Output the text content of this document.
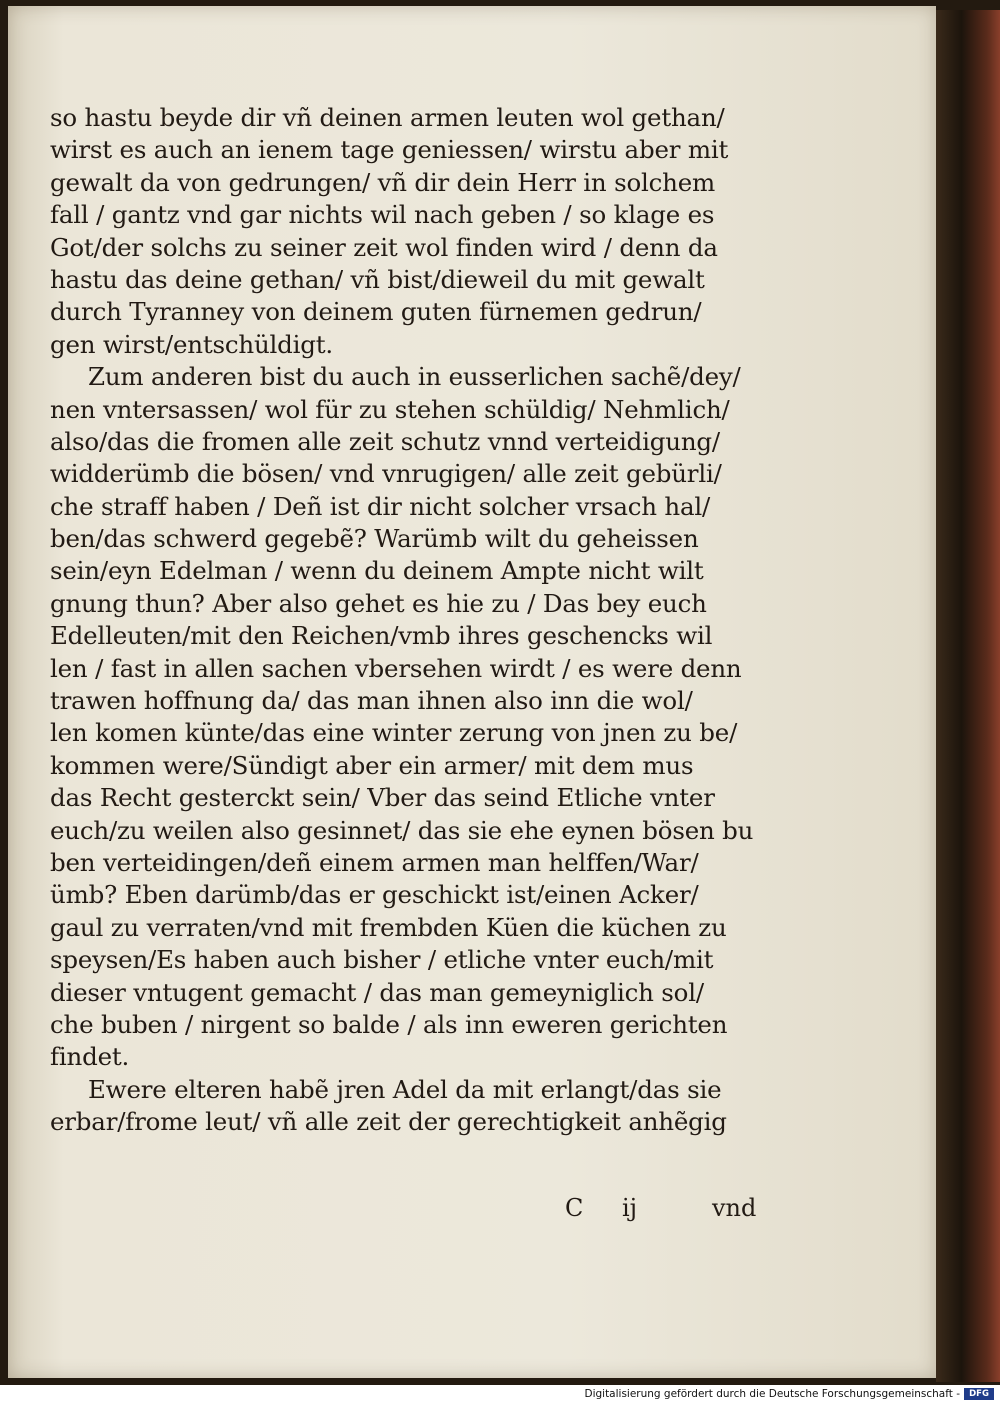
so hastu beyde dir vñ deinen armen leuten wol gethan/
wirst es auch an ienem tage geniessen/ wirstu aber mit
gewalt da von gedrungen/ vñ dir dein Herr in solchem
fall / gantz vnd gar nichts wil nach geben / so klage es
Got/der solchs zu seiner zeit wol finden wird / denn da
hastu das deine gethan/ vñ bist/dieweil du mit gewalt
durch Tyranney von deinem guten fürnemen gedrun/
gen wirst/entschüldigt.
Zum anderen bist du auch in eusserlichen sachẽ/dey/
nen vntersassen/ wol für zu stehen schüldig/ Nehmlich/
also/das die fromen alle zeit schutz vnnd verteidigung/
widderümb die bösen/ vnd vnrugigen/ alle zeit gebürli/
che straff haben / Deñ ist dir nicht solcher vrsach hal/
ben/das schwerd gegebẽ? Warümb wilt du geheissen
sein/eyn Edelman / wenn du deinem Ampte nicht wilt
gnung thun? Aber also gehet es hie zu / Das bey euch
Edelleuten/mit den Reichen/vmb ihres geschencks wil
len / fast in allen sachen vbersehen wirdt / es were denn
trawen hoffnung da/ das man ihnen also inn die wol/
len komen künte/das eine winter zerung von jnen zu be/
kommen were/Sündigt aber ein armer/ mit dem mus
das Recht gesterckt sein/ Vber das seind Etliche vnter
euch/zu weilen also gesinnet/ das sie ehe eynen bösen bu
ben verteidingen/deñ einem armen man helffen/War/
ümb? Eben darümb/das er geschickt ist/einen Acker/
gaul zu verraten/vnd mit frembden Küen die küchen zu
speysen/Es haben auch bisher / etliche vnter euch/mit
dieser vntugent gemacht / das man gemeyniglich sol/
che buben / nirgent so balde / als inn eweren gerichten
findet.
Ewere elteren habẽ jren Adel da mit erlangt/das sie
erbar/frome leut/ vñ alle zeit der gerechtigkeit anhẽgig
C ij	vnd
Digitalisierung gefördert durch die Deutsche Forschungsgemeinschaft -	DFG
